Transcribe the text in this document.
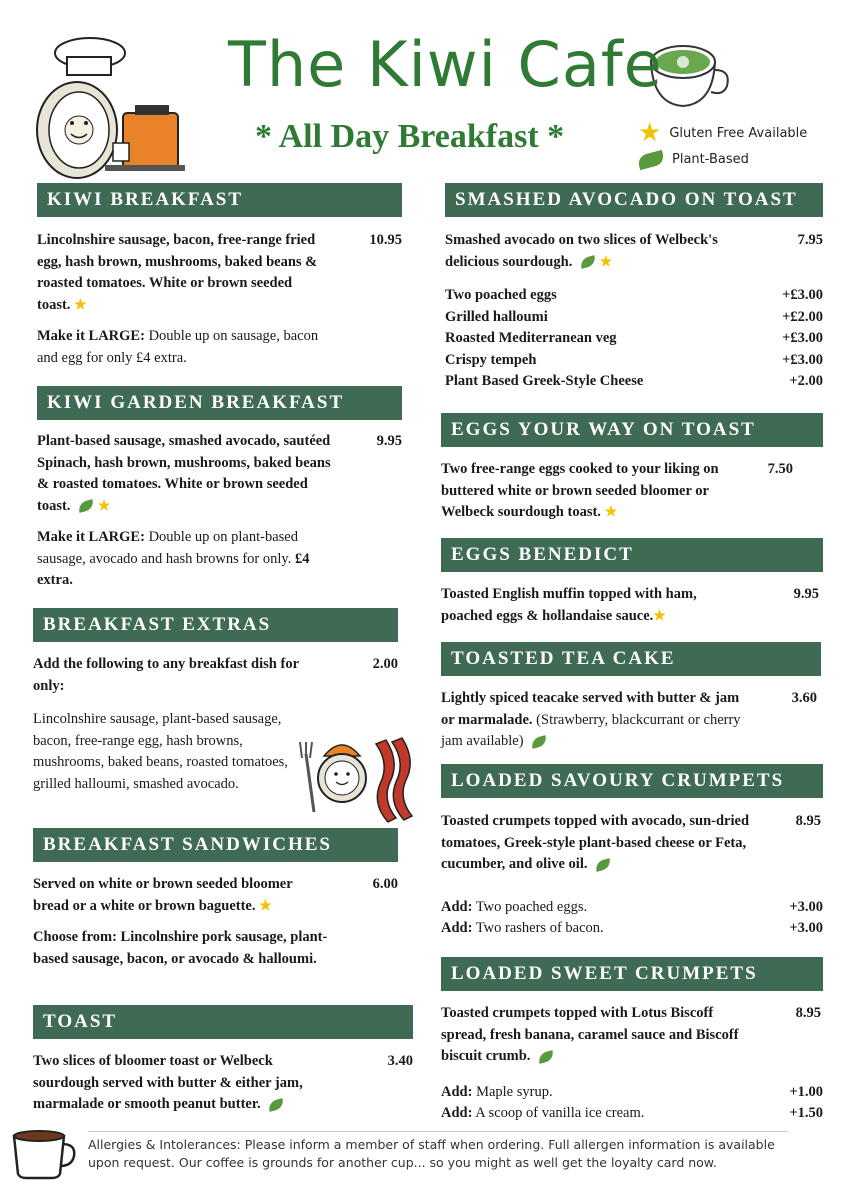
The Kiwi Cafe
* All Day Breakfast *	★ Gluten Free Available
Plant-Based
KIWI BREAKFAST
Lincolnshire sausage, bacon, free-range fried egg, hash brown, mushrooms, baked beans & roasted tomatoes. White or brown seeded toast. ★
10.95
Make it LARGE: Double up on sausage, bacon and egg for only £4 extra.
KIWI GARDEN BREAKFAST
Plant-based sausage, smashed avocado, sautéed Spinach, hash brown, mushrooms, baked beans & roasted tomatoes. White or brown seeded toast. ★
9.95
Make it LARGE: Double up on plant-based sausage, avocado and hash browns for only. £4 extra.
BREAKFAST EXTRAS
Add the following to any breakfast dish for only:
2.00
Lincolnshire sausage, plant-based sausage, bacon, free-range egg, hash browns, mushrooms, baked beans, roasted tomatoes, grilled halloumi, smashed avocado.
BREAKFAST SANDWICHES
Served on white or brown seeded bloomer bread or a white or brown baguette. ★
6.00
Choose from: Lincolnshire pork sausage, plant-based sausage, bacon, or avocado & halloumi.
TOAST
Two slices of bloomer toast or Welbeck sourdough served with butter & either jam, marmalade or smooth peanut butter.
3.40
SMASHED AVOCADO ON TOAST
Smashed avocado on two slices of Welbeck's delicious sourdough. ★
7.95
Two poached eggs	+£3.00
Grilled halloumi	+£2.00
Roasted Mediterranean veg	+£3.00
Crispy tempeh	+£3.00
Plant Based Greek-Style Cheese	+2.00
EGGS YOUR WAY ON TOAST
Two free-range eggs cooked to your liking on buttered white or brown seeded bloomer or Welbeck sourdough toast. ★
7.50
EGGS BENEDICT
Toasted English muffin topped with ham, poached eggs & hollandaise sauce.★
9.95
TOASTED TEA CAKE
Lightly spiced teacake served with butter & jam or marmalade. (Strawberry, blackcurrant or cherry jam available)
3.60
LOADED SAVOURY CRUMPETS
Toasted crumpets topped with avocado, sun-dried tomatoes, Greek-style plant-based cheese or Feta, cucumber, and olive oil.
8.95
Add: Two poached eggs.	+3.00
Add: Two rashers of bacon.	+3.00
LOADED SWEET CRUMPETS
Toasted crumpets topped with Lotus Biscoff spread, fresh banana, caramel sauce and Biscoff biscuit crumb.
8.95
Add: Maple syrup.	+1.00
Add: A scoop of vanilla ice cream.	+1.50
Allergies & Intolerances: Please inform a member of staff when ordering. Full allergen information is available upon request. Our coffee is grounds for another cup... so you might as well get the loyalty card now.
